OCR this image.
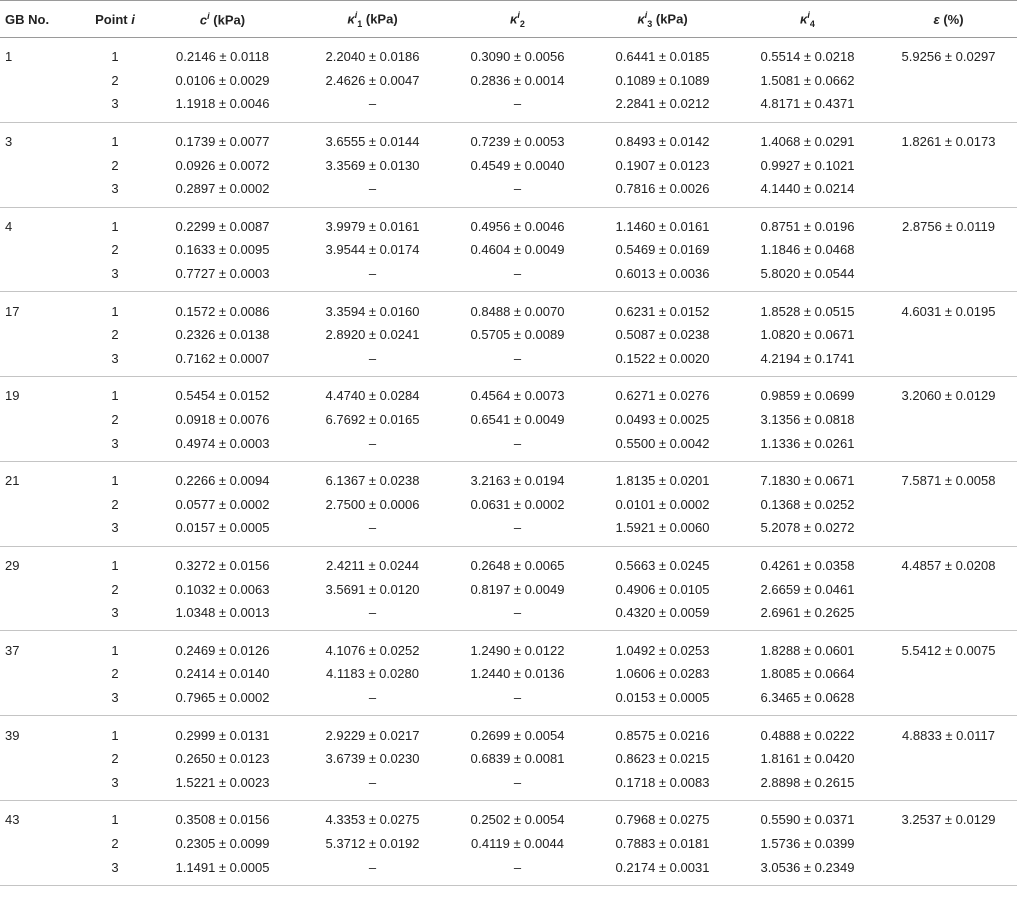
GB No.	Point i	$c^i$ (kPa)	$\kappa^i_1$ (kPa)	$\kappa^i_2$	$\kappa^i_3$ (kPa)	$\kappa^i_4$	ε (%)
1	1	0.2146 ± 0.0118	2.2040 ± 0.0186	0.3090 ± 0.0056	0.6441 ± 0.0185	0.5514 ± 0.0218	5.9256 ± 0.0297
	2	0.0106 ± 0.0029	2.4626 ± 0.0047	0.2836 ± 0.0014	0.1089 ± 0.1089	1.5081 ± 0.0662	
	3	1.1918 ± 0.0046	–	–	2.2841 ± 0.0212	4.8171 ± 0.4371	
3	1	0.1739 ± 0.0077	3.6555 ± 0.0144	0.7239 ± 0.0053	0.8493 ± 0.0142	1.4068 ± 0.0291	1.8261 ± 0.0173
	2	0.0926 ± 0.0072	3.3569 ± 0.0130	0.4549 ± 0.0040	0.1907 ± 0.0123	0.9927 ± 0.1021	
	3	0.2897 ± 0.0002	–	–	0.7816 ± 0.0026	4.1440 ± 0.0214	
4	1	0.2299 ± 0.0087	3.9979 ± 0.0161	0.4956 ± 0.0046	1.1460 ± 0.0161	0.8751 ± 0.0196	2.8756 ± 0.0119
	2	0.1633 ± 0.0095	3.9544 ± 0.0174	0.4604 ± 0.0049	0.5469 ± 0.0169	1.1846 ± 0.0468	
	3	0.7727 ± 0.0003	–	–	0.6013 ± 0.0036	5.8020 ± 0.0544	
17	1	0.1572 ± 0.0086	3.3594 ± 0.0160	0.8488 ± 0.0070	0.6231 ± 0.0152	1.8528 ± 0.0515	4.6031 ± 0.0195
	2	0.2326 ± 0.0138	2.8920 ± 0.0241	0.5705 ± 0.0089	0.5087 ± 0.0238	1.0820 ± 0.0671	
	3	0.7162 ± 0.0007	–	–	0.1522 ± 0.0020	4.2194 ± 0.1741	
19	1	0.5454 ± 0.0152	4.4740 ± 0.0284	0.4564 ± 0.0073	0.6271 ± 0.0276	0.9859 ± 0.0699	3.2060 ± 0.0129
	2	0.0918 ± 0.0076	6.7692 ± 0.0165	0.6541 ± 0.0049	0.0493 ± 0.0025	3.1356 ± 0.0818	
	3	0.4974 ± 0.0003	–	–	0.5500 ± 0.0042	1.1336 ± 0.0261	
21	1	0.2266 ± 0.0094	6.1367 ± 0.0238	3.2163 ± 0.0194	1.8135 ± 0.0201	7.1830 ± 0.0671	7.5871 ± 0.0058
	2	0.0577 ± 0.0002	2.7500 ± 0.0006	0.0631 ± 0.0002	0.0101 ± 0.0002	0.1368 ± 0.0252	
	3	0.0157 ± 0.0005	–	–	1.5921 ± 0.0060	5.2078 ± 0.0272	
29	1	0.3272 ± 0.0156	2.4211 ± 0.0244	0.2648 ± 0.0065	0.5663 ± 0.0245	0.4261 ± 0.0358	4.4857 ± 0.0208
	2	0.1032 ± 0.0063	3.5691 ± 0.0120	0.8197 ± 0.0049	0.4906 ± 0.0105	2.6659 ± 0.0461	
	3	1.0348 ± 0.0013	–	–	0.4320 ± 0.0059	2.6961 ± 0.2625	
37	1	0.2469 ± 0.0126	4.1076 ± 0.0252	1.2490 ± 0.0122	1.0492 ± 0.0253	1.8288 ± 0.0601	5.5412 ± 0.0075
	2	0.2414 ± 0.0140	4.1183 ± 0.0280	1.2440 ± 0.0136	1.0606 ± 0.0283	1.8085 ± 0.0664	
	3	0.7965 ± 0.0002	–	–	0.0153 ± 0.0005	6.3465 ± 0.0628	
39	1	0.2999 ± 0.0131	2.9229 ± 0.0217	0.2699 ± 0.0054	0.8575 ± 0.0216	0.4888 ± 0.0222	4.8833 ± 0.0117
	2	0.2650 ± 0.0123	3.6739 ± 0.0230	0.6839 ± 0.0081	0.8623 ± 0.0215	1.8161 ± 0.0420	
	3	1.5221 ± 0.0023	–	–	0.1718 ± 0.0083	2.8898 ± 0.2615	
43	1	0.3508 ± 0.0156	4.3353 ± 0.0275	0.2502 ± 0.0054	0.7968 ± 0.0275	0.5590 ± 0.0371	3.2537 ± 0.0129
	2	0.2305 ± 0.0099	5.3712 ± 0.0192	0.4119 ± 0.0044	0.7883 ± 0.0181	1.5736 ± 0.0399	
	3	1.1491 ± 0.0005	–	–	0.2174 ± 0.0031	3.0536 ± 0.2349	
